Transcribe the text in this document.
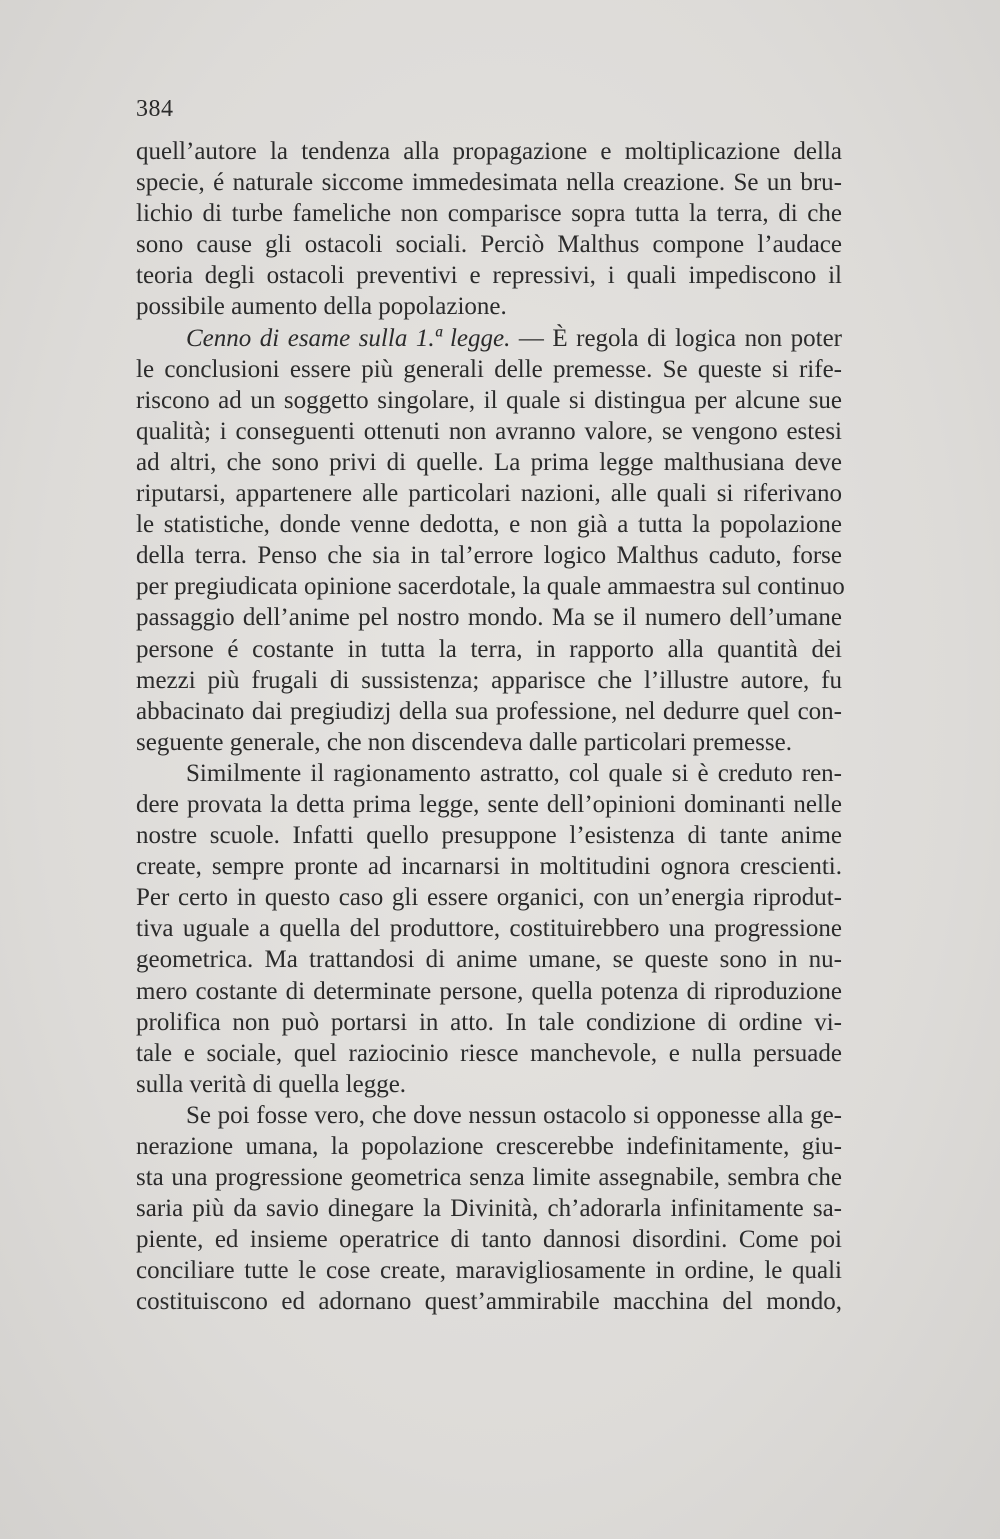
384
quell’autore la tendenza alla propagazione e moltiplicazione della
specie, é naturale siccome immedesimata nella creazione. Se un bru-
lichio di turbe fameliche non comparisce sopra tutta la terra, di che
sono cause gli ostacoli sociali. Perciò Malthus compone l’audace
teoria degli ostacoli preventivi e repressivi, i quali impediscono il
possibile aumento della popolazione.
Cenno di esame sulla 1.ª legge. — È regola di logica non poter
le conclusioni essere più generali delle premesse. Se queste si rife-
riscono ad un soggetto singolare, il quale si distingua per alcune sue
qualità; i conseguenti ottenuti non avranno valore, se vengono estesi
ad altri, che sono privi di quelle. La prima legge malthusiana deve
riputarsi, appartenere alle particolari nazioni, alle quali si riferivano
le statistiche, donde venne dedotta, e non già a tutta la popolazione
della terra. Penso che sia in tal’errore logico Malthus caduto, forse
per pregiudicata opinione sacerdotale, la quale ammaestra sul continuo
passaggio dell’anime pel nostro mondo. Ma se il numero dell’umane
persone é costante in tutta la terra, in rapporto alla quantità dei
mezzi più frugali di sussistenza; apparisce che l’illustre autore, fu
abbacinato dai pregiudizj della sua professione, nel dedurre quel con-
seguente generale, che non discendeva dalle particolari premesse.
Similmente il ragionamento astratto, col quale si è creduto ren-
dere provata la detta prima legge, sente dell’opinioni dominanti nelle
nostre scuole. Infatti quello presuppone l’esistenza di tante anime
create, sempre pronte ad incarnarsi in moltitudini ognora crescienti.
Per certo in questo caso gli essere organici, con un’energia riprodut-
tiva uguale a quella del produttore, costituirebbero una progressione
geometrica. Ma trattandosi di anime umane, se queste sono in nu-
mero costante di determinate persone, quella potenza di riproduzione
prolifica non può portarsi in atto. In tale condizione di ordine vi-
tale e sociale, quel raziocinio riesce manchevole, e nulla persuade
sulla verità di quella legge.
Se poi fosse vero, che dove nessun ostacolo si opponesse alla ge-
nerazione umana, la popolazione crescerebbe indefinitamente, giu-
sta una progressione geometrica senza limite assegnabile, sembra che
saria più da savio dinegare la Divinità, ch’adorarla infinitamente sa-
piente, ed insieme operatrice di tanto dannosi disordini. Come poi
conciliare tutte le cose create, maravigliosamente in ordine, le quali
costituiscono ed adornano quest’ammirabile macchina del mondo,
